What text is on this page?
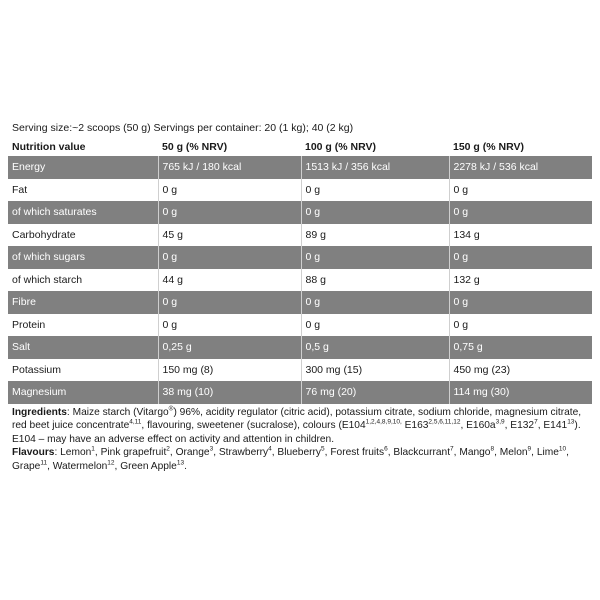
Serving size:~2 scoops (50 g) Servings per container: 20 (1 kg); 40 (2 kg)
Nutrition value	50 g (% NRV)	100 g (% NRV)	150 g (% NRV)
Energy	765 kJ / 180 kcal	1513 kJ / 356 kcal	2278 kJ / 536 kcal
Fat	0 g	0 g	0 g
of which saturates	0 g	0 g	0 g
Carbohydrate	45 g	89 g	134 g
of which sugars	0 g	0 g	0 g
of which starch	44 g	88 g	132 g
Fibre	0 g	0 g	0 g
Protein	0 g	0 g	0 g
Salt	0,25 g	0,5 g	0,75 g
Potassium	150 mg (8)	300 mg (15)	450 mg (23)
Magnesium	38 mg (10)	76 mg (20)	114 mg (30)
Ingredients: Maize starch (Vitargo®) 96%, acidity regulator (citric acid), potassium citrate, sodium chloride, magnesium citrate, red beet juice concentrate$^{4,11}$, flavouring, sweetener (sucralose), colours ($E104^{1,2,4,8,9,10,}$ E163$^{2,5,6,11,12}$, $E160a^{3,9}$, $E132^7$, $E141^{13}$). E104 – may have an adverse effect on activity and attention in children.
Flavours: Lemon$^1$, Pink grapefruit$^2$, Orange$^3$, Strawberry$^4$, Blueberry$^5$, Forest fruits$^6$, Blackcurrant$^7$, Mango$^8$, Melon$^9$, Lime$^{10}$, Grape$^{11}$, Watermelon$^{12}$, Green Apple$^{13}$.
